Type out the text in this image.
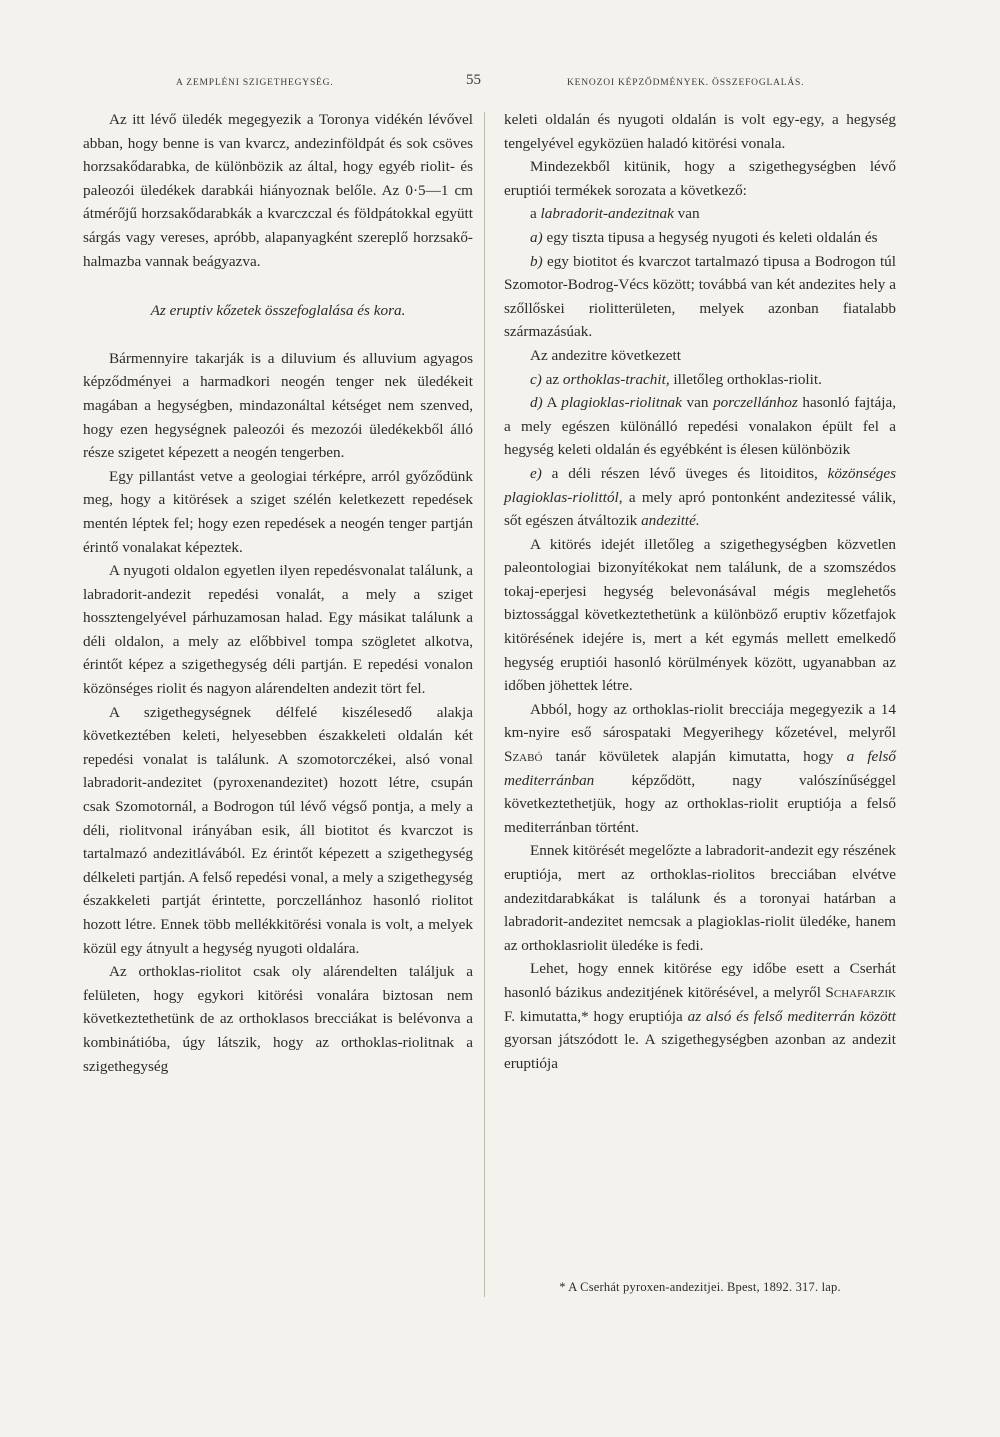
A ZEMPLÉNI SZIGETHEGYSÉG.	55	KENOZOI KÉPZŐDMÉNYEK. ÖSSZEFOGLALÁS.

Az itt lévő üledék megegyezik a Toronya vidékén lévővel abban, hogy benne is van kvarcz, andezinföldpát és sok csöves horzsakődarabka, de különbözik az által, hogy egyéb riolit- és paleozói üledékek darabkái hiányoznak belőle. Az 0·5—1 cm átmérőjű horzsakődarabkák a kvarczczal és földpátokkal együtt sárgás vagy vereses, apróbb, alapanyagként szereplő horzsakő-halmazba vannak beágyazva.

Az eruptiv kőzetek összefoglalása és kora.

Bármennyire takarják is a diluvium és alluvium agyagos képződményei a harmadkori neogén tenger nek üledékeit magában a hegységben, mindazonáltal kétséget nem szenved, hogy ezen hegységnek paleozói és mezozói üledékekből álló része szigetet képezett a neogén tengerben.

Egy pillantást vetve a geologiai térképre, arról győződünk meg, hogy a kitörések a sziget szélén keletkezett repedések mentén léptek fel; hogy ezen repedések a neogén tenger partján érintő vonalakat képeztek.

A nyugoti oldalon egyetlen ilyen repedésvonalat találunk, a labradorit-andezit repedési vonalát, a mely a sziget hossztengelyével párhuzamosan halad. Egy másikat találunk a déli oldalon, a mely az előbbivel tompa szögletet alkotva, érintőt képez a szigethegység déli partján. E repedési vonalon közönséges riolit és nagyon alárendelten andezit tört fel.

A szigethegységnek délfelé kiszélesedő alakja következtében keleti, helyesebben északkeleti oldalán két repedési vonalat is találunk. A szomotorczékei, alsó vonal labradorit-andezitet (pyroxenandezitet) hozott létre, csupán csak Szomotornál, a Bodrogon túl lévő végső pontja, a mely a déli, riolitvonal irányában esik, áll biotitot és kvarczot is tartalmazó andezitlávából. Ez érintőt képezett a szigethegység délkeleti partján. A felső repedési vonal, a mely a szigethegység északkeleti partját érintette, porczellánhoz hasonló riolitot hozott létre. Ennek több mellékkitörési vonala is volt, a melyek közül egy átnyult a hegység nyugoti oldalára.

Az orthoklas-riolitot csak oly alárendelten találjuk a felületen, hogy egykori kitörési vonalára biztosan nem következtethetünk de az orthoklasos brecciákat is belévonva a kombinátióba, úgy látszik, hogy az orthoklas-riolitnak a szigethegység

keleti oldalán és nyugoti oldalán is volt egy-egy, a hegység tengelyével egyközüen haladó kitörési vonala.

Mindezekből kitünik, hogy a szigethegységben lévő eruptiói termékek sorozata a következő:

a labradorit-andezitnak van

a) egy tiszta tipusa a hegység nyugoti és keleti oldalán és

b) egy biotitot és kvarczot tartalmazó tipusa a Bodrogon túl Szomotor-Bodrog-Vécs között; továbbá van két andezites hely a szőllőskei riolitterületen, melyek azonban fiatalabb származásúak.

Az andezitre következett

c) az orthoklas-trachit, illetőleg orthoklas-riolit.

d) A plagioklas-riolitnak van porczellánhoz hasonló fajtája, a mely egészen különálló repedési vonalakon épült fel a hegység keleti oldalán és egyébként is élesen különbözik

e) a déli részen lévő üveges és litoiditos, közönséges plagioklas-riolittól, a mely apró pontonként andezitessé válik, sőt egészen átváltozik andezitté.

A kitörés idejét illetőleg a szigethegységben közvetlen paleontologiai bizonyítékokat nem találunk, de a szomszédos tokaj-eperjesi hegység belevonásával mégis meglehetős biztossággal következtethetünk a különböző eruptiv kőzetfajok kitörésének idejére is, mert a két egymás mellett emelkedő hegység eruptiói hasonló körülmények között, ugyanabban az időben jöhettek létre.

Abból, hogy az orthoklas-riolit brecciája megegyezik a 14 km-nyire eső sárospataki Megyerihegy kőzetével, melyről Szabó tanár kövületek alapján kimutatta, hogy a felső mediterránban képződött, nagy valószínűséggel következtethetjük, hogy az orthoklas-riolit eruptiója a felső mediterránban történt.

Ennek kitörését megelőzte a labradorit-andezit egy részének eruptiója, mert az orthoklas-riolitos brecciában elvétve andezitdarabkákat is találunk és a toronyai határban a labradorit-andezitet nemcsak a plagioklas-riolit üledéke, hanem az orthoklasriolit üledéke is fedi.

Lehet, hogy ennek kitörése egy időbe esett a Cserhát hasonló bázikus andezitjének kitörésével, a melyről Schafarzik F. kimutatta,* hogy eruptiója az alsó és felső mediterrán között gyorsan játszódott le. A szigethegységben azonban az andezit eruptiója

* A Cserhát pyroxen-andezitjei. Bpest, 1892. 317. lap.
